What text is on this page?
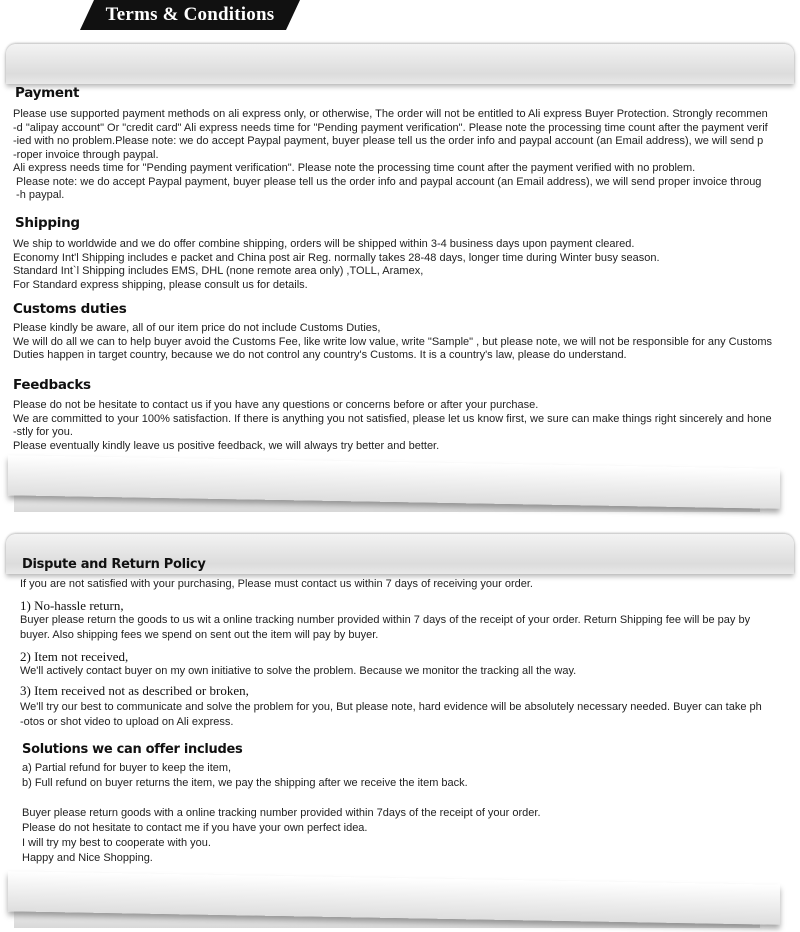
Terms & Conditions
Payment

Please use supported payment methods on ali express only, or otherwise, The order will not be entitled to Ali express Buyer Protection. Strongly recommen

-d "alipay account" Or "credit card" Ali express needs time for "Pending payment verification". Please note the processing time count after the payment verif

-ied with no problem.Please note: we do accept Paypal payment, buyer please tell us the order info and paypal account (an Email address), we will send p

-roper invoice through paypal.

Ali express needs time for "Pending payment verification". Please note the processing time count after the payment verified with no problem.

Please note: we do accept Paypal payment, buyer please tell us the order info and paypal account (an Email address), we will send proper invoice throug

-h paypal.

Shipping

We ship to worldwide and we do offer combine shipping, orders will be shipped within 3-4 business days upon payment cleared.

Economy Int'l Shipping includes e packet and China post air Reg. normally takes 28-48 days, longer time during Winter busy season.

Standard Int`l Shipping includes EMS, DHL (none remote area only) ,TOLL, Aramex,

For Standard express shipping, please consult us for details.

Customs duties

Please kindly be aware, all of our item price do not include Customs Duties,

We will do all we can to help buyer avoid the Customs Fee, like write low value, write "Sample" , but please note, we will not be responsible for any Customs

Duties happen in target country, because we do not control any country's Customs. It is a country's law, please do understand.

Feedbacks

Please do not be hesitate to contact us if you have any questions or concerns before or after your purchase.

We are committed to your 100% satisfaction. If there is anything you not satisfied, please let us know first, we sure can make things right sincerely and hone

-stly for you.

Please eventually kindly leave us positive feedback, we will always try better and better.

Dispute and Return Policy

If you are not satisfied with your purchasing, Please must contact us within 7 days of receiving your order.

1) No-hassle return,

Buyer please return the goods to us wit a online tracking number provided within 7 days of the receipt of your order. Return Shipping fee will be pay by

buyer. Also shipping fees we spend on sent out the item will pay by buyer.

2) Item not received,

We'll actively contact buyer on my own initiative to solve the problem. Because we monitor the tracking all the way.

3) Item received not as described or broken,

We'll try our best to communicate and solve the problem for you, But please note, hard evidence will be absolutely necessary needed. Buyer can take ph

-otos or shot video to upload on Ali express.

Solutions we can offer includes

a) Partial refund for buyer to keep the item,

b) Full refund on buyer returns the item, we pay the shipping after we receive the item back.

Buyer please return goods with a online tracking number provided within 7days of the receipt of your order.

Please do not hesitate to contact me if you have your own perfect idea.

I will try my best to cooperate with you.

Happy and Nice Shopping.
